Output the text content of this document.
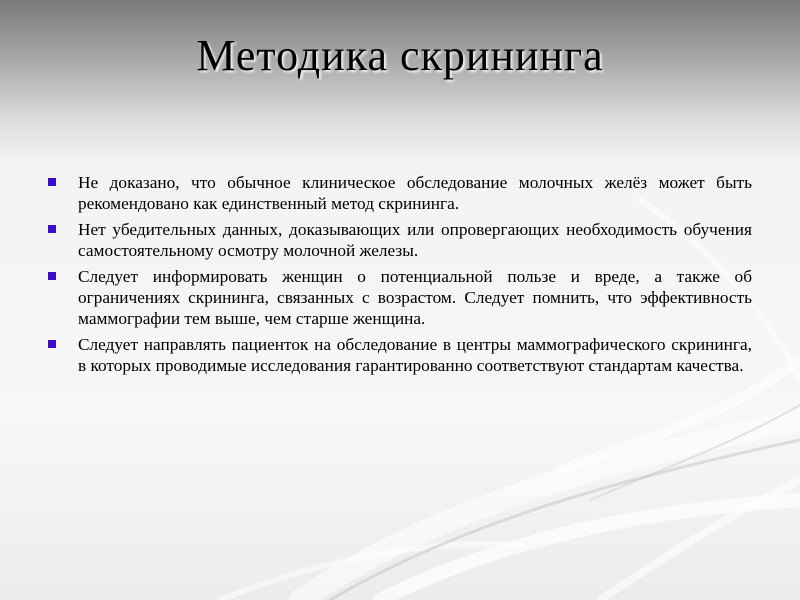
Методика скрининга
Не доказано, что обычное клиническое обследование молочных желёз может быть рекомендовано как единственный метод скрининга.
Нет убедительных данных, доказывающих или опровергающих необходимость обучения самостоятельному осмотру молочной железы.
Следует информировать женщин о потенциальной пользе и вреде, а также об ограничениях скрининга, связанных с возрастом. Следует помнить, что эффективность маммографии тем выше, чем старше женщина.
Следует направлять пациенток на обследование в центры маммографического скрининга, в которых проводимые исследования гарантированно соответствуют стандартам качества.
